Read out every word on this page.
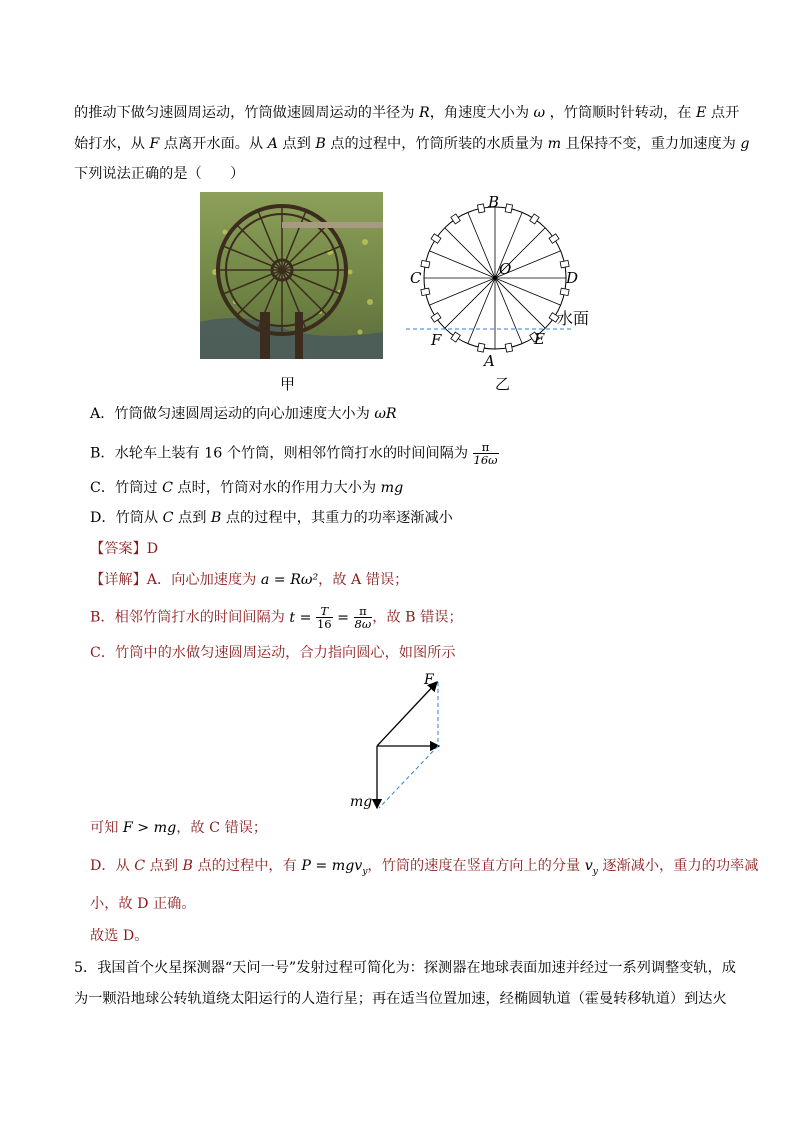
的推动下做匀速圆周运动，竹筒做速圆周运动的半径为 R，角速度大小为 ω ，竹筒顺时针转动，在 E 点开
始打水，从 F 点离开水面。从 A 点到 B 点的过程中，竹筒所装的水质量为 m 且保持不变，重力加速度为 g
下列说法正确的是（　　）
甲
B
O
C	D
F
A
E
水面
乙
A．竹筒做匀速圆周运动的向心加速度大小为 ωR
B．水轮车上装有 16 个竹筒，则相邻竹筒打水的时间间隔为 $\frac{\pi}{16\omega}$
C．竹筒过 C 点时，竹筒对水的作用力大小为 mg
D．竹筒从 C 点到 B 点的过程中，其重力的功率逐渐减小
【答案】D
【详解】A．向心加速度为 a = Rω²，故 A 错误；
B．相邻竹筒打水的时间间隔为 $t = \frac{T}{16} = \frac{\pi}{8\omega}$ ，故 B 错误；
C．竹筒中的水做匀速圆周运动，合力指向圆心，如图所示
F
mg
可知 F > mg，故 C 错误；
D．从 C 点到 B 点的过程中，有 P = mgv$_y$，竹筒的速度在竖直方向上的分量 $v_y$ 逐渐减小，重力的功率减
小，故 D 正确。
故选 D。
5．我国首个火星探测器“天问一号”发射过程可简化为：探测器在地球表面加速并经过一系列调整变轨，成
为一颗沿地球公转轨道绕太阳运行的人造行星；再在适当位置加速，经椭圆轨道（霍曼转移轨道）到达火
